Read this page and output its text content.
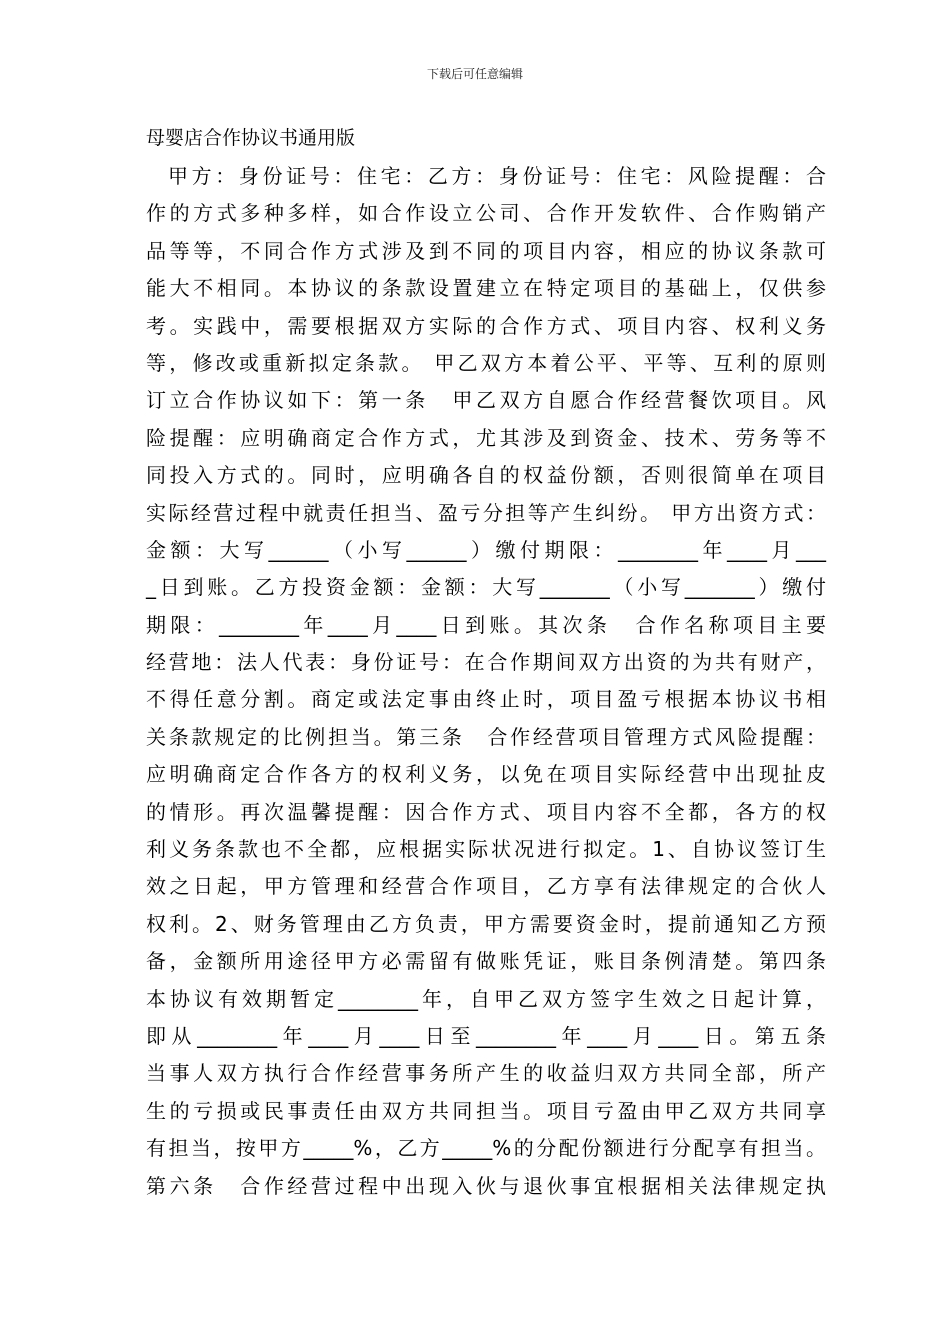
下载后可任意编辑
母婴店合作协议书通用版
甲方：身份证号：住宅：乙方：身份证号：住宅：风险提醒：合
作的方式多种多样，如合作设立公司、合作开发软件、合作购销产
品等等，不同合作方式涉及到不同的项目内容，相应的协议条款可
能大不相同。本协议的条款设置建立在特定项目的基础上，仅供参
考。实践中，需要根据双方实际的合作方式、项目内容、权利义务
等，修改或重新拟定条款。 甲乙双方本着公平、平等、互利的原则
订立合作协议如下：第一条　甲乙双方自愿合作经营餐饮项目。风
险提醒：应明确商定合作方式，尤其涉及到资金、技术、劳务等不
同投入方式的。同时，应明确各自的权益份额，否则很简单在项目
实际经营过程中就责任担当、盈亏分担等产生纠纷。 甲方出资方式：
金额：大写______（小写______）缴付期限：________年____月___
_日到账。乙方投资金额：金额：大写_______（小写_______）缴付
期限：________年____月____日到账。其次条　合作名称项目主要
经营地：法人代表：身份证号：在合作期间双方出资的为共有财产，
不得任意分割。商定或法定事由终止时，项目盈亏根据本协议书相
关条款规定的比例担当。第三条　合作经营项目管理方式风险提醒：
应明确商定合作各方的权利义务，以免在项目实际经营中出现扯皮
的情形。再次温馨提醒：因合作方式、项目内容不全都，各方的权
利义务条款也不全都，应根据实际状况进行拟定。1、自协议签订生
效之日起，甲方管理和经营合作项目，乙方享有法律规定的合伙人
权利。2、财务管理由乙方负责，甲方需要资金时，提前通知乙方预
备，金额所用途径甲方必需留有做账凭证，账目条例清楚。第四条
本协议有效期暂定________年，自甲乙双方签字生效之日起计算，
即从________年____月____日至________年____月____日。第五条
当事人双方执行合作经营事务所产生的收益归双方共同全部，所产
生的亏损或民事责任由双方共同担当。项目亏盈由甲乙双方共同享
有担当，按甲方_____%，乙方_____%的分配份额进行分配享有担当。
第六条　合作经营过程中出现入伙与退伙事宜根据相关法律规定执
